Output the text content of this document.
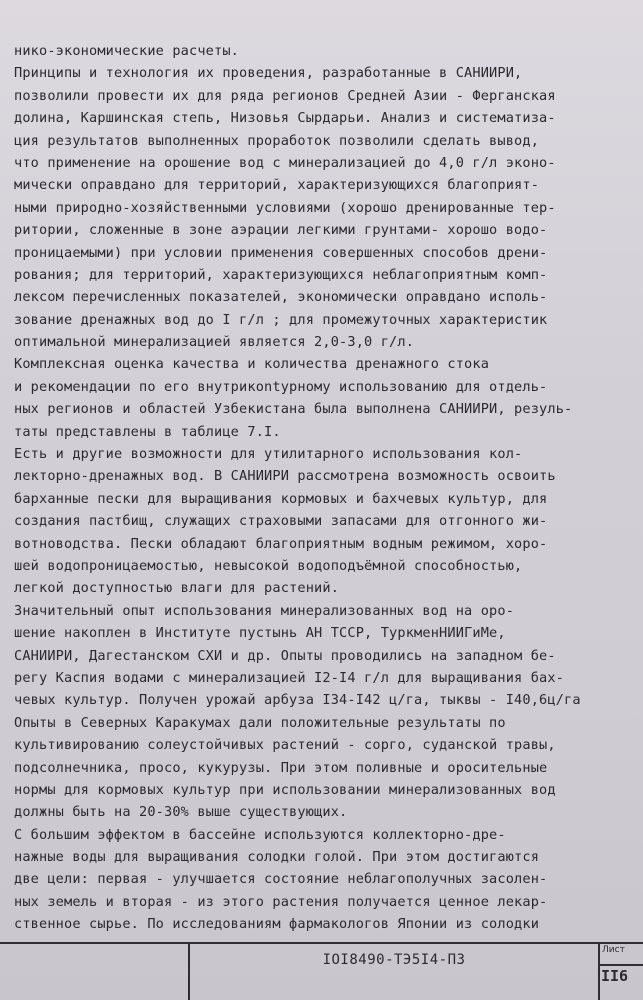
нико-экономические расчеты.
Принципы и технология их проведения, разработанные в САНИИРИ,
позволили провести их для ряда регионов Средней Азии - Ферганская
долина, Каршинская степь, Низовья Сырдарьи. Анализ и систематиза-
ция результатов выполненных проработок позволили сделать вывод,
что применение на орошение вод с минерализацией до 4,0 г/л эконо-
мически оправдано для территорий, характеризующихся благоприят-
ными природно-хозяйственными условиями (хорошо дренированные тер-
ритории, сложенные в зоне аэрации легкими грунтами- хорошо водо-
проницаемыми) при условии применения совершенных способов дрени-
рования; для территорий, характеризующихся неблагоприятным комп-
лексом перечисленных показателей, экономически оправдано исполь-
зование дренажных вод до I г/л ; для промежуточных характеристик
оптимальной минерализацией является 2,0-3,0 г/л.
Комплексная оценка качества и количества дренажного стока
и рекомендации по его внутрикontурному использованию для отдель-
ных регионов и областей Узбекистана была выполнена САНИИРИ, резуль-
таты представлены в таблице 7.I.
Есть и другие возможности для утилитарного использования кол-
лекторно-дренажных вод. В САНИИРИ рассмотрена возможность освоить
барханные пески для выращивания кормовых и бахчевых культур, для
создания пастбищ, служащих страховыми запасами для отгонного жи-
вотноводства. Пески обладают благоприятным водным режимом, хоро-
шей водопроницаемостью, невысокой водоподъёмной способностью,
легкой доступностью влаги для растений.
Значительный опыт использования минерализованных вод на оро-
шение накоплен в Институте пустынь АН ТССР, ТуркменНИИГиМе,
САНИИРИ, Дагестанском СХИ и др. Опыты проводились на западном бе-
регу Каспия водами с минерализацией I2-I4 г/л для выращивания бах-
чевых культур. Получен урожай арбуза I34-I42 ц/га, тыквы - I40,6ц/га
Опыты в Северных Каракумах дали положительные результаты по
культивированию солеустойчивых растений - сорго, суданской травы,
подсолнечника, просо, кукурузы. При этом поливные и оросительные
нормы для кормовых культур при использовании минерализованных вод
должны быть на 20-30% выше существующих.
С большим эффектом в бассейне используются коллекторно-дре-
нажные воды для выращивания солодки голой. При этом достигаются
две цели: первая - улучшается состояние неблагополучных засолен-
ных земель и вторая - из этого растения получается ценное лекар-
ственное сырье. По исследованиям фармакологов Японии из солодки
IOI8490-ТЭ5I4-ПЗ
Лист
II6
